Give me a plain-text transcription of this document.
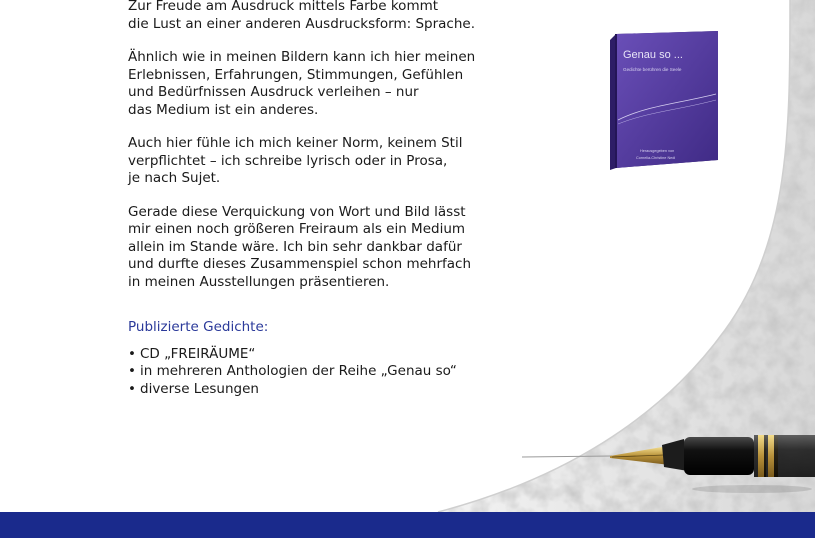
Zur Freude am Ausdruck mittels Farbe kommt
die Lust an einer anderen Ausdrucksform: Sprache.

Ähnlich wie in meinen Bildern kann ich hier meinen
Erlebnissen, Erfahrungen, Stimmungen, Gefühlen
und Bedürfnissen Ausdruck verleihen – nur
das Medium ist ein anderes.

Auch hier fühle ich mich keiner Norm, keinem Stil
verpflichtet – ich schreibe lyrisch oder in Prosa,
je nach Sujet.

Gerade diese Verquickung von Wort und Bild lässt
mir einen noch größeren Freiraum als ein Medium
allein im Stande wäre. Ich bin sehr dankbar dafür
und durfte dieses Zusammenspiel schon mehrfach
in meinen Ausstellungen präsentieren.

Publizierte Gedichte:
• CD „FREIRÄUME“
• in mehreren Anthologien der Reihe „Genau so“
• diverse Lesungen
Genau so ...
Gedichte berühren die Seele
Herausgegeben von
Cornelia-Christine Nedi
